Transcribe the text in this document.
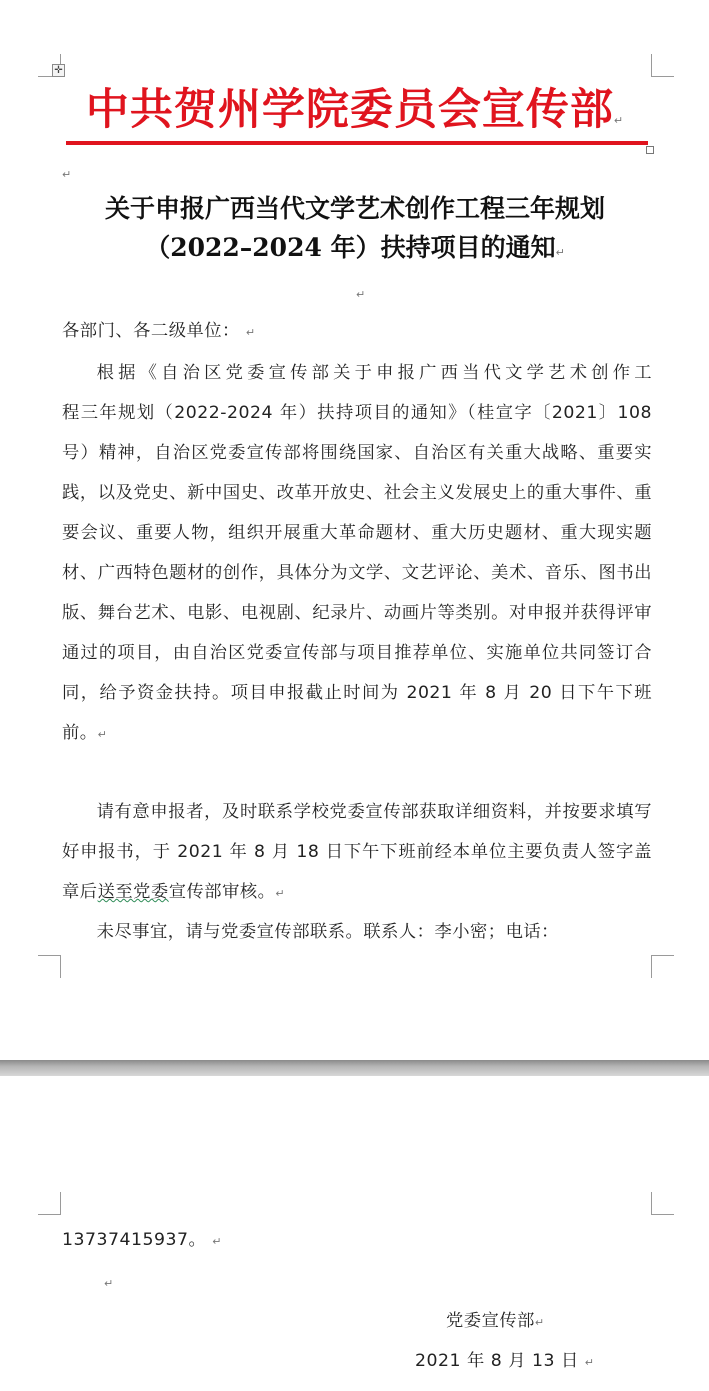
✛
中共贺州学院委员会宣传部↵
↵
关于申报广西当代文学艺术创作工程三年规划
（2022–2024 年）扶持项目的通知↵
↵

各部门、各二级单位： ↵

根据《自治区党委宣传部关于申报广西当代文学艺术创作工

程三年规划（2022-2024 年）扶持项目的通知》（桂宣字〔2021〕108 号）精神，自治区党委宣传部将围绕国家、自治区有关重大战略、重要实践，以及党史、新中国史、改革开放史、社会主义发展史上的重大事件、重要会议、重要人物，组织开展重大革命题材、重大历史题材、重大现实题材、广西特色题材的创作，具体分为文学、文艺评论、美术、音乐、图书出版、舞台艺术、电影、电视剧、纪录片、动画片等类别。对申报并获得评审通过的项目，由自治区党委宣传部与项目推荐单位、实施单位共同签订合同，给予资金扶持。项目申报截止时间为 2021 年 8 月 20 日下午下班前。↵

请有意申报者，及时联系学校党委宣传部获取详细资料，并按要求填写好申报书，于 2021 年 8 月 18 日下午下班前经本单位主要负责人签字盖章后送至党委宣传部审核。↵

未尽事宜，请与党委宣传部联系。联系人：李小密；电话：

13737415937。 ↵
↵
党委宣传部↵
2021 年 8 月 13 日 ↵
